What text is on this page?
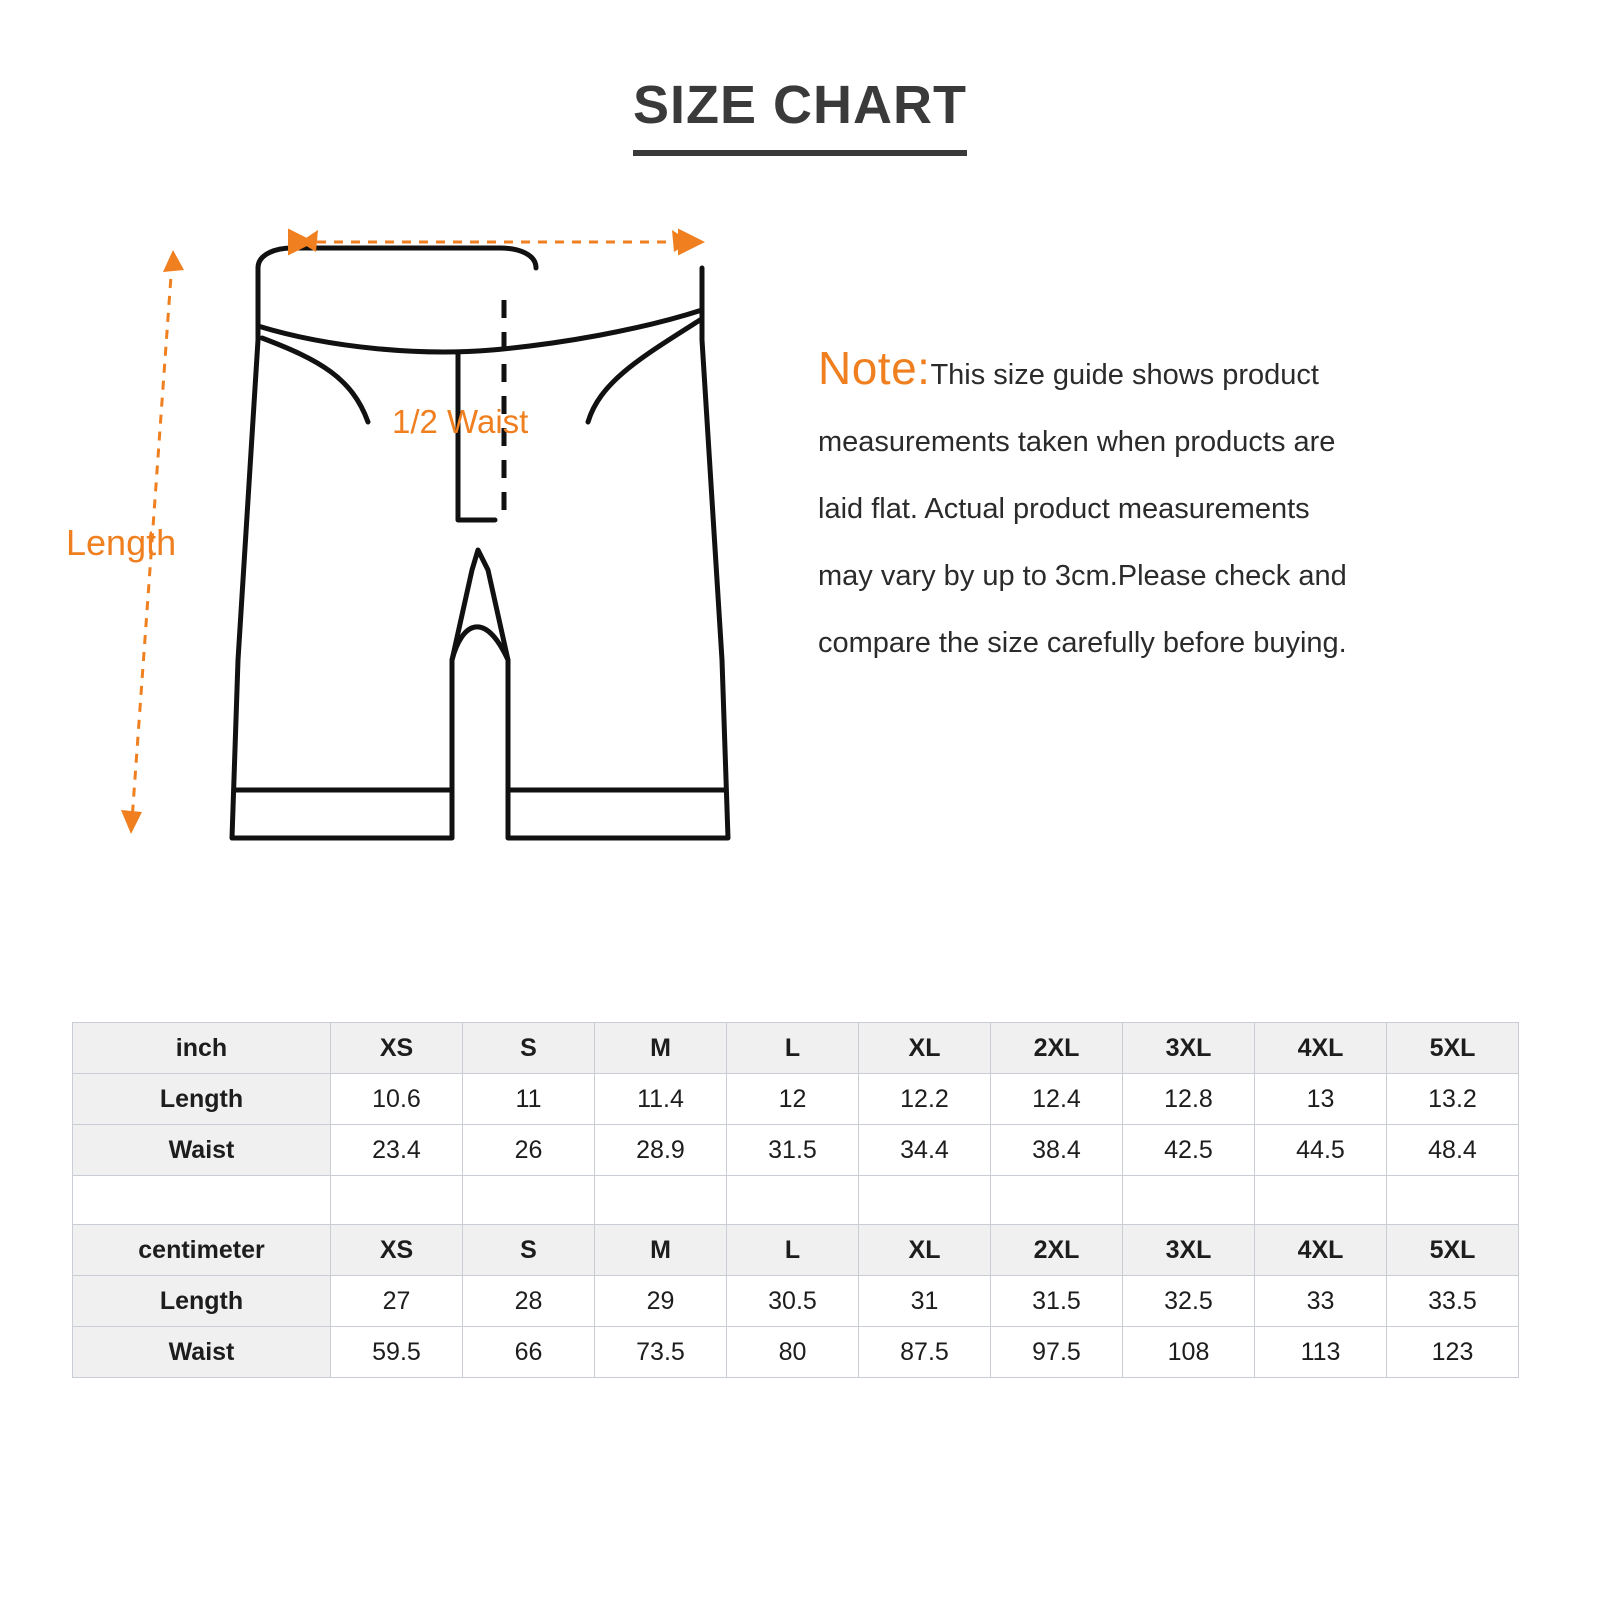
SIZE CHART
1/2 Waist
Length
Note:This size guide shows product
measurements taken when products are
laid flat. Actual product measurements
may vary by up to 3cm.Please check and
compare the size carefully before buying.
inch	XS	S	M	L	XL	2XL	3XL	4XL	5XL
Length	10.6	11	11.4	12	12.2	12.4	12.8	13	13.2
Waist	23.4	26	28.9	31.5	34.4	38.4	42.5	44.5	48.4

centimeter	XS	S	M	L	XL	2XL	3XL	4XL	5XL
Length	27	28	29	30.5	31	31.5	32.5	33	33.5
Waist	59.5	66	73.5	80	87.5	97.5	108	113	123
